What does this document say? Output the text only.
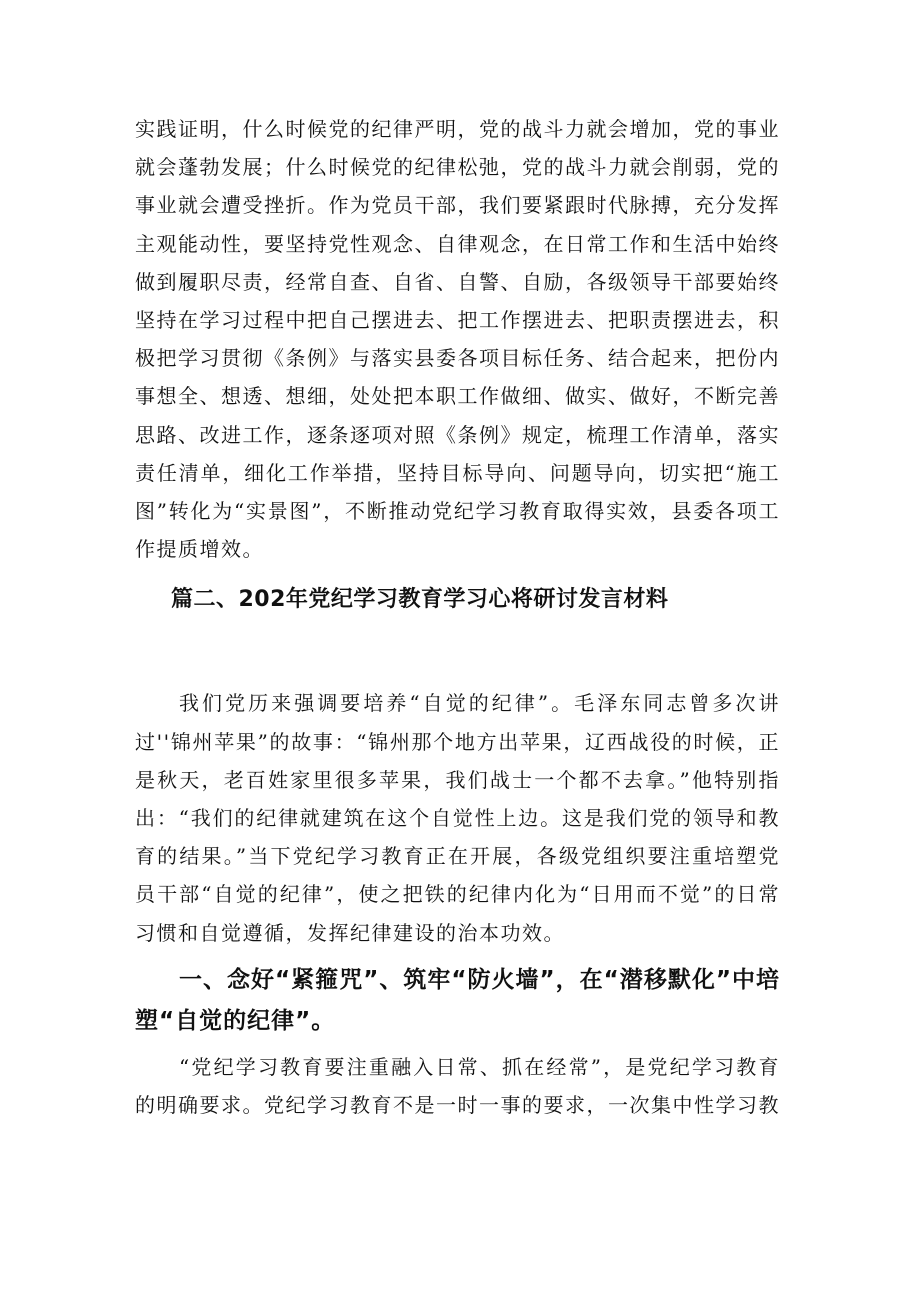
实践证明，什么时候党的纪律严明，党的战斗力就会增加，党的事业就会蓬勃发展；什么时候党的纪律松弛，党的战斗力就会削弱，党的事业就会遭受挫折。作为党员干部，我们要紧跟时代脉搏，充分发挥主观能动性，要坚持党性观念、自律观念，在日常工作和生活中始终做到履职尽责，经常自查、自省、自警、自励，各级领导干部要始终坚持在学习过程中把自己摆进去、把工作摆进去、把职责摆进去，积极把学习贯彻《条例》与落实县委各项目标任务、结合起来，把份内事想全、想透、想细，处处把本职工作做细、做实、做好，不断完善思路、改进工作，逐条逐项对照《条例》规定，梳理工作清单，落实责任清单，细化工作举措，坚持目标导向、问题导向，切实把“施工图”转化为“实景图”，不断推动党纪学习教育取得实效，县委各项工作提质增效。

篇二、202年党纪学习教育学习心将研讨发言材料

我们党历来强调要培养“自觉的纪律”。毛泽东同志曾多次讲过''锦州苹果”的故事：“锦州那个地方出苹果，辽西战役的时候，正是秋天，老百姓家里很多苹果，我们战士一个都不去拿。”他特别指出：“我们的纪律就建筑在这个自觉性上边。这是我们党的领导和教育的结果。”当下党纪学习教育正在开展，各级党组织要注重培塑党员干部“自觉的纪律”，使之把铁的纪律内化为“日用而不觉”的日常习惯和自觉遵循，发挥纪律建设的治本功效。

一、念好“紧箍咒”、筑牢“防火墙”，在“潜移默化”中培塑“自觉的纪律”。

“党纪学习教育要注重融入日常、抓在经常”，是党纪学习教育的明确要求。党纪学习教育不是一时一事的要求，一次集中性学习教
